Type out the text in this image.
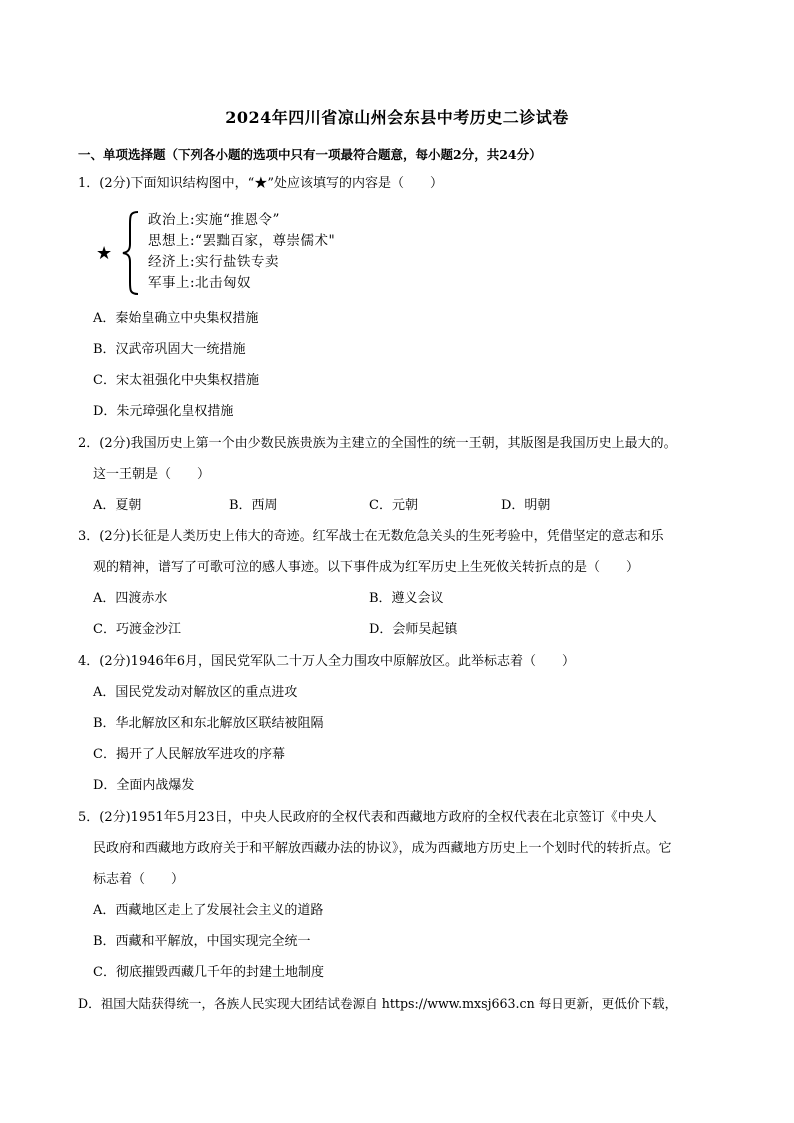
2024年四川省凉山州会东县中考历史二诊试卷
一、单项选择题（下列各小题的选项中只有一项最符合题意，每小题2分，共24分）
1．(2分)下面知识结构图中，“★”处应该填写的内容是（　　）
★
政治上:实施“推恩令”
思想上:“罢黜百家，尊崇儒术"
经济上:实行盐铁专卖
军事上:北击匈奴
A．秦始皇确立中央集权措施
B．汉武帝巩固大一统措施
C．宋太祖强化中央集权措施
D．朱元璋强化皇权措施
2．(2分)我国历史上第一个由少数民族贵族为主建立的全国性的统一王朝，其版图是我国历史上最大的。
这一王朝是（　　）
A．夏朝	B．西周	C．元朝	D．明朝
3．(2分)长征是人类历史上伟大的奇迹。红军战士在无数危急关头的生死考验中，凭借坚定的意志和乐
观的精神，谱写了可歌可泣的感人事迹。以下事件成为红军历史上生死攸关转折点的是（　　）
A．四渡赤水	B．遵义会议
C．巧渡金沙江	D．会师吴起镇
4．(2分)1946年6月，国民党军队二十万人全力围攻中原解放区。此举标志着（　　）
A．国民党发动对解放区的重点进攻
B．华北解放区和东北解放区联结被阻隔
C．揭开了人民解放军进攻的序幕
D．全面内战爆发
5．(2分)1951年5月23日，中央人民政府的全权代表和西藏地方政府的全权代表在北京签订《中央人
民政府和西藏地方政府关于和平解放西藏办法的协议》，成为西藏地方历史上一个划时代的转折点。它
标志着（　　）
A．西藏地区走上了发展社会主义的道路
B．西藏和平解放，中国实现完全统一
C．彻底摧毁西藏几千年的封建土地制度
D．祖国大陆获得统一，各族人民实现大团结试卷源自 https://www.mxsj663.cn 每日更新，更低价下载，
